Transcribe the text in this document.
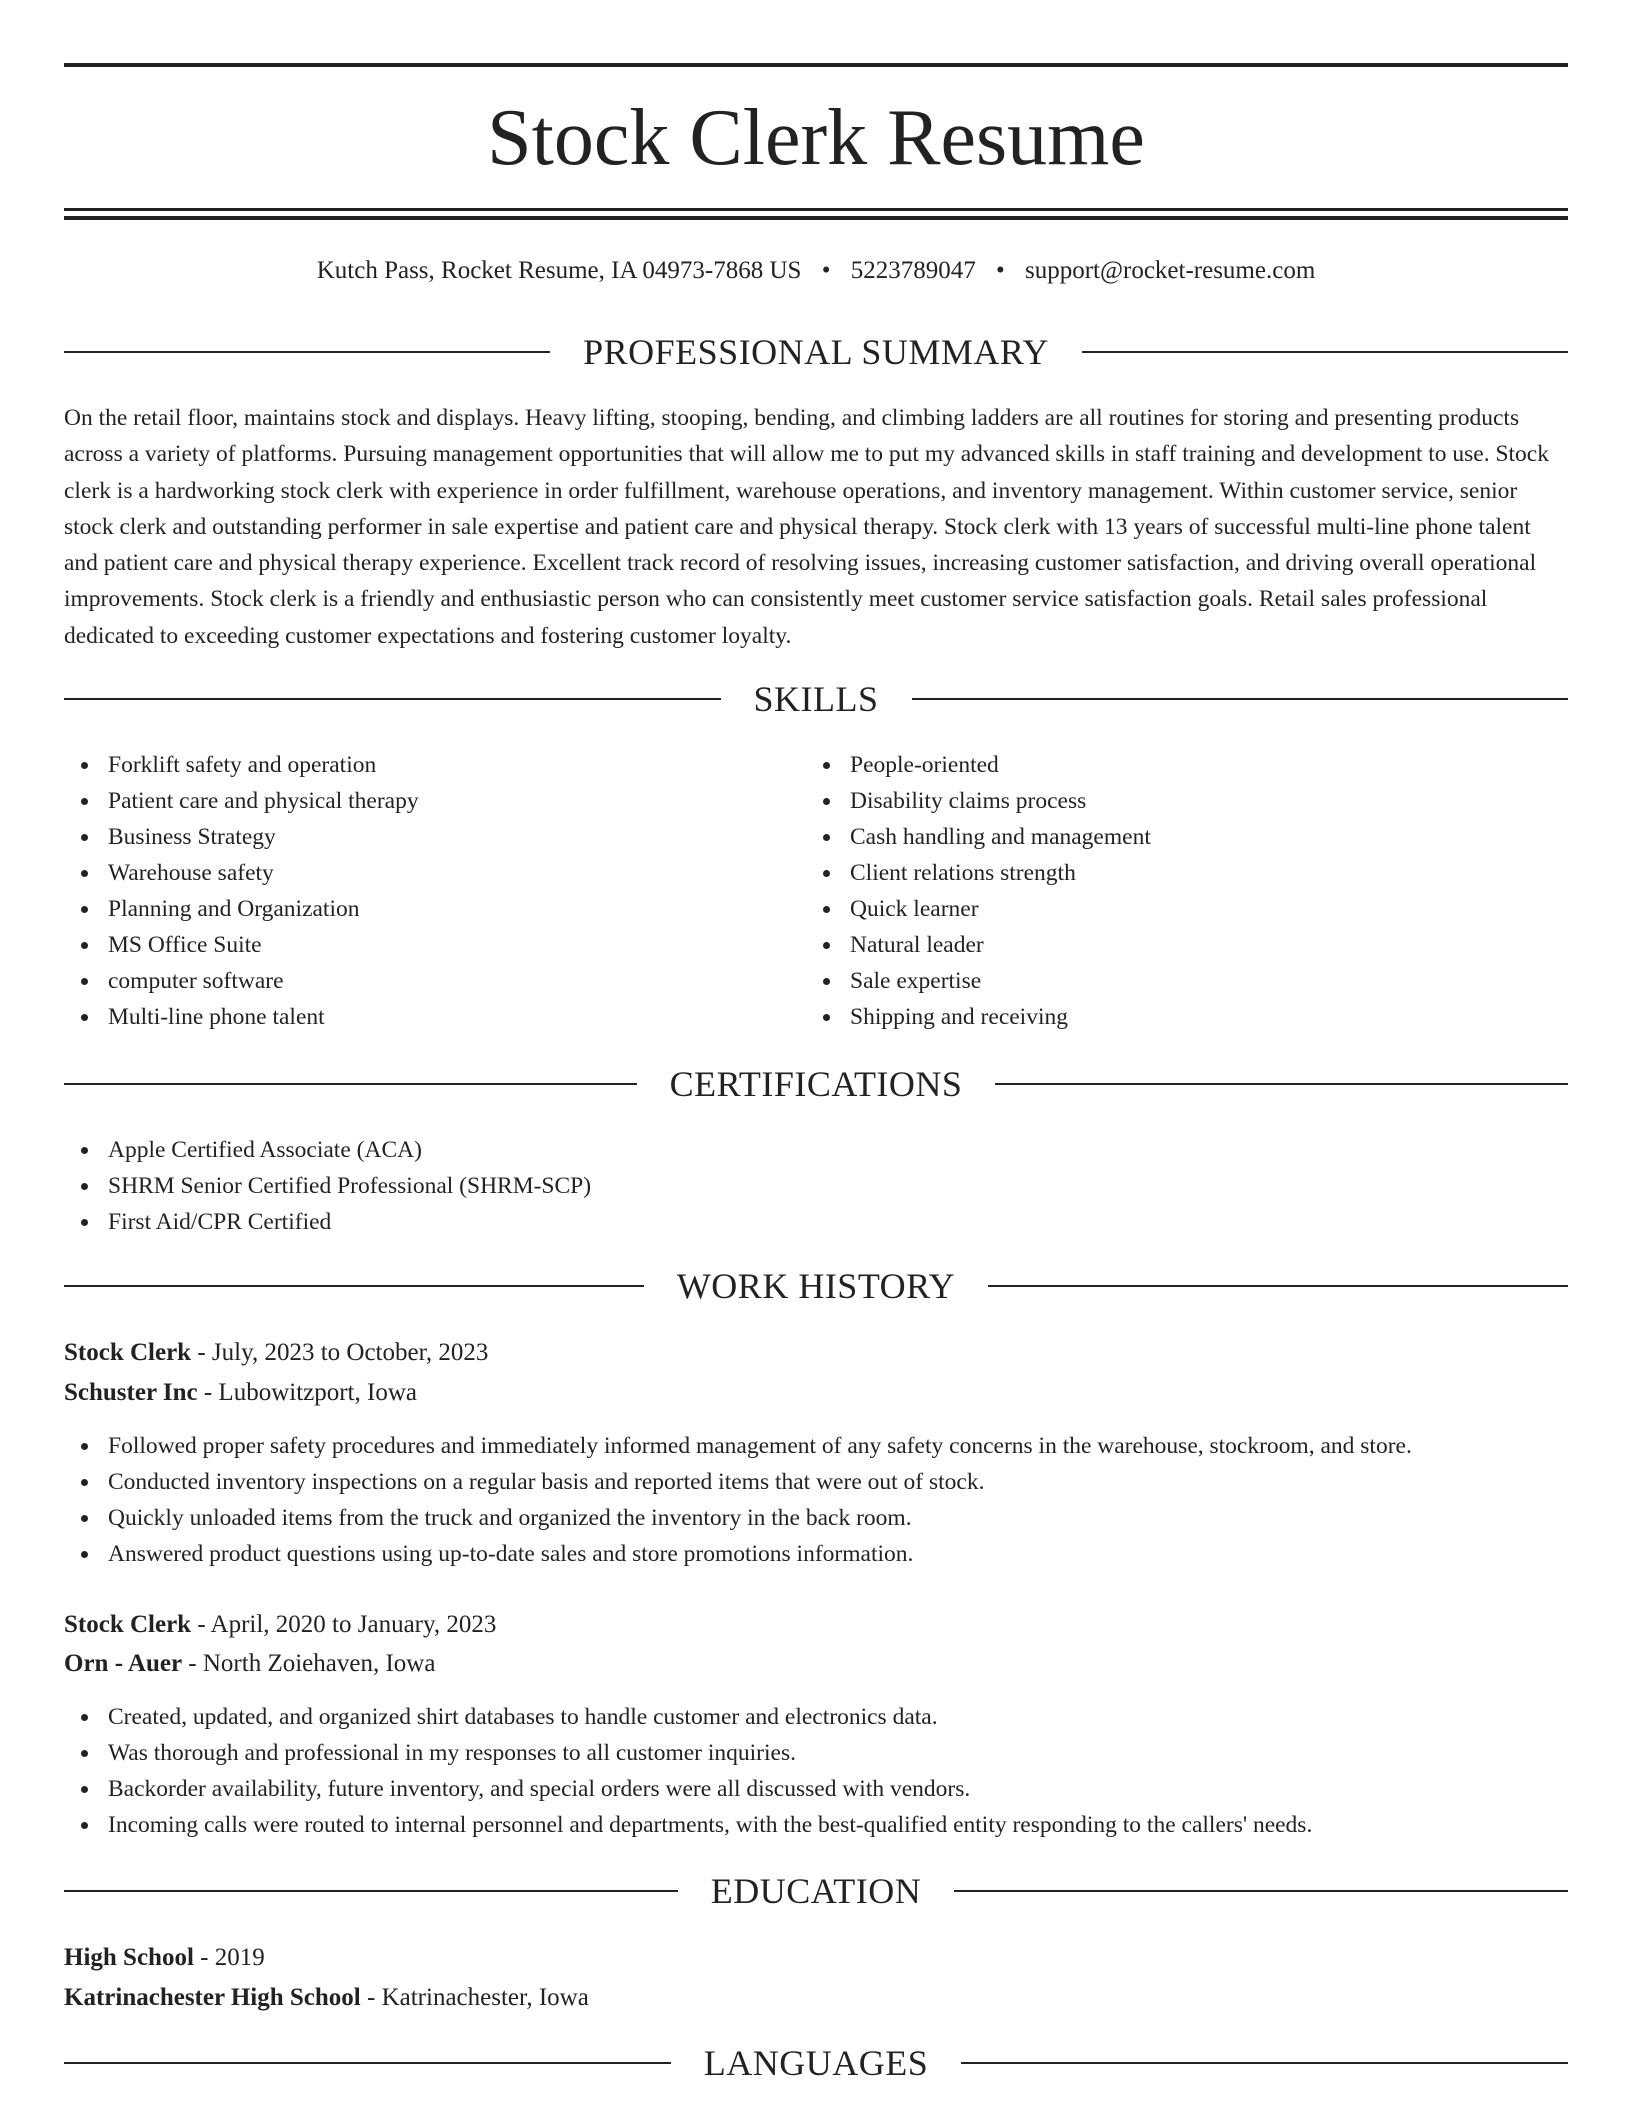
Stock Clerk Resume
Kutch Pass, Rocket Resume, IA 04973-7868 US • 5223789047 • support@rocket-resume.com
PROFESSIONAL SUMMARY

On the retail floor, maintains stock and displays. Heavy lifting, stooping, bending, and climbing ladders are all routines for storing and presenting products across a variety of platforms. Pursuing management opportunities that will allow me to put my advanced skills in staff training and development to use. Stock clerk is a hardworking stock clerk with experience in order fulfillment, warehouse operations, and inventory management. Within customer service, senior stock clerk and outstanding performer in sale expertise and patient care and physical therapy. Stock clerk with 13 years of successful multi-line phone talent and patient care and physical therapy experience. Excellent track record of resolving issues, increasing customer satisfaction, and driving overall operational improvements. Stock clerk is a friendly and enthusiastic person who can consistently meet customer service satisfaction goals. Retail sales professional dedicated to exceeding customer expectations and fostering customer loyalty.

SKILLS
Forklift safety and operation
Patient care and physical therapy
Business Strategy
Warehouse safety
Planning and Organization
MS Office Suite
computer software
Multi-line phone talent
People-oriented
Disability claims process
Cash handling and management
Client relations strength
Quick learner
Natural leader
Sale expertise
Shipping and receiving
CERTIFICATIONS
Apple Certified Associate (ACA)
SHRM Senior Certified Professional (SHRM-SCP)
First Aid/CPR Certified
WORK HISTORY
Stock Clerk - July, 2023 to October, 2023
Schuster Inc - Lubowitzport, Iowa
Followed proper safety procedures and immediately informed management of any safety concerns in the warehouse, stockroom, and store.
Conducted inventory inspections on a regular basis and reported items that were out of stock.
Quickly unloaded items from the truck and organized the inventory in the back room.
Answered product questions using up-to-date sales and store promotions information.
Stock Clerk - April, 2020 to January, 2023
Orn - Auer - North Zoiehaven, Iowa
Created, updated, and organized shirt databases to handle customer and electronics data.
Was thorough and professional in my responses to all customer inquiries.
Backorder availability, future inventory, and special orders were all discussed with vendors.
Incoming calls were routed to internal personnel and departments, with the best-qualified entity responding to the callers' needs.
EDUCATION
High School - 2019
Katrinachester High School - Katrinachester, Iowa
LANGUAGES
